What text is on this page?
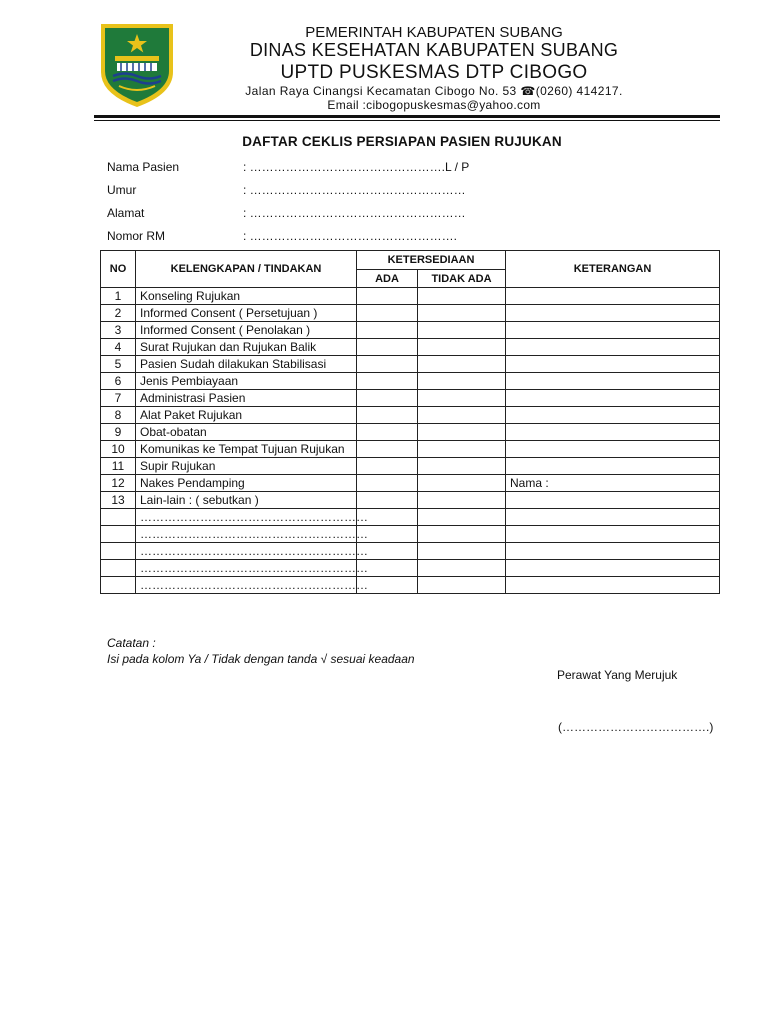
PEMERINTAH KABUPATEN SUBANG
DINAS KESEHATAN KABUPATEN SUBANG
UPTD PUSKESMAS DTP CIBOGO
Jalan Raya Cinangsi Kecamatan Cibogo No. 53 ☎(0260) 414217.
Email :cibogopuskesmas@yahoo.com
DAFTAR CEKLIS PERSIAPAN PASIEN RUJUKAN
Nama Pasien	: ………………………………………….L / P
Umur	: ………………………………………………
Alamat	: ………………………………………………
Nomor RM	: …………………………………………….
NO	KELENGKAPAN / TINDAKAN	KETERSEDIAAN		KETERANGAN
		ADA	TIDAK ADA	
1	Konseling Rujukan			
2	Informed Consent ( Persetujuan )			
3	Informed Consent ( Penolakan )			
4	Surat Rujukan dan Rujukan Balik			
5	Pasien Sudah dilakukan Stabilisasi			
6	Jenis Pembiayaan			
7	Administrasi Pasien			
8	Alat Paket Rujukan			
9	Obat-obatan			
10	Komunikas ke Tempat Tujuan Rujukan			
11	Supir Rujukan			
12	Nakes Pendamping			Nama :
13	Lain-lain : ( sebutkan )			
	…………………………………………………			
	…………………………………………………			
	…………………………………………………			
	…………………………………………………			
	…………………………………………………			
Catatan :
Isi pada kolom Ya / Tidak dengan tanda √ sesuai keadaan
Perawat Yang Merujuk
(……………………………….)
